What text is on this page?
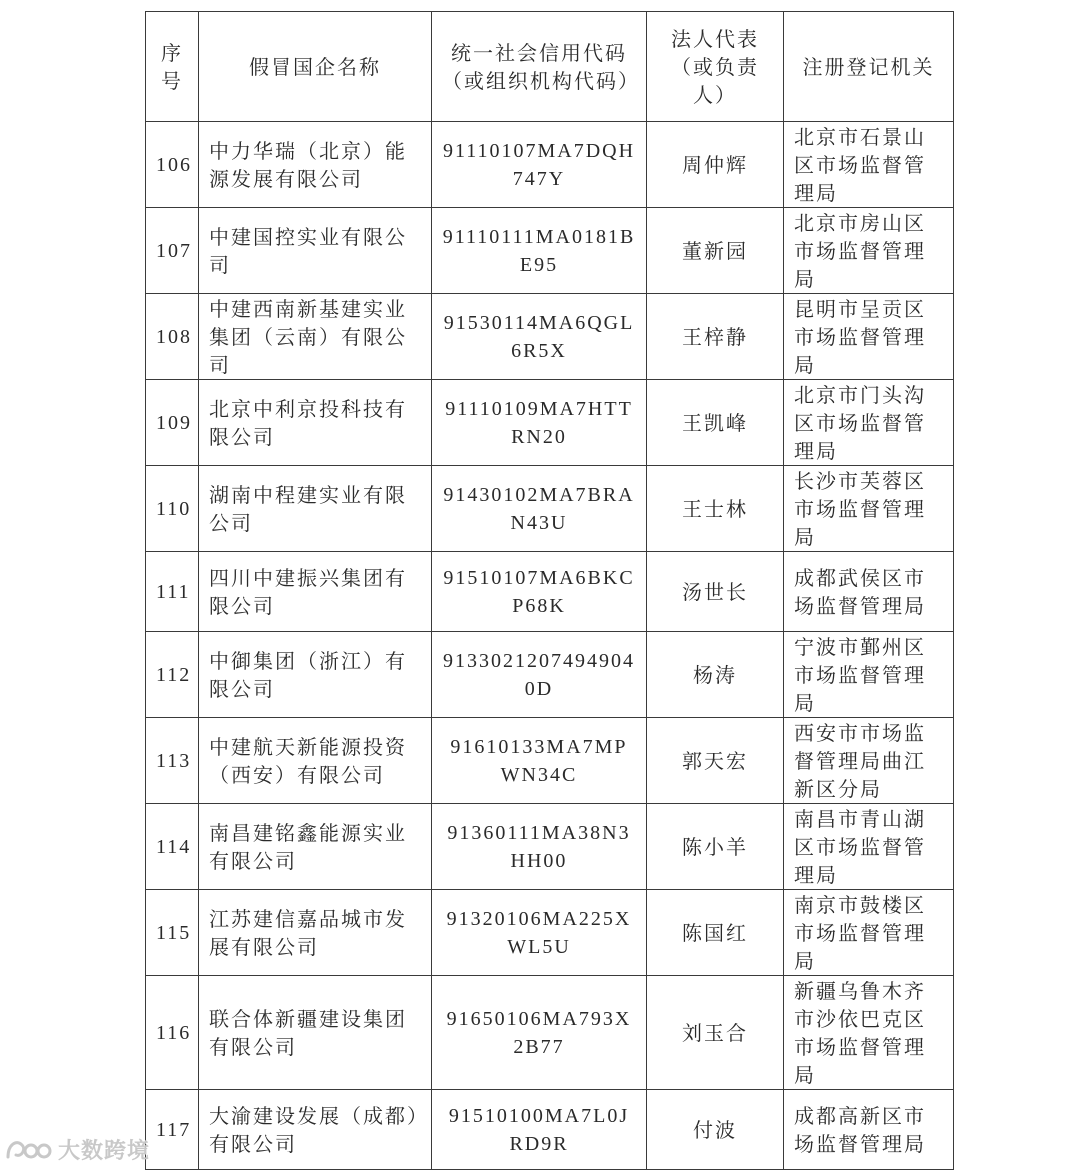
序号	假冒国企名称	统一社会信用代码（或组织机构代码）	法人代表（或负责人）	注册登记机关
106	中力华瑞（北京）能源发展有限公司	91110107MA7DQH747Y	周仲辉	北京市石景山区市场监督管理局
107	中建国控实业有限公司	91110111MA0181BE95	董新园	北京市房山区市场监督管理局
108	中建西南新基建实业集团（云南）有限公司	91530114MA6QGL6R5X	王梓静	昆明市呈贡区市场监督管理局
109	北京中利京投科技有限公司	91110109MA7HTTRN20	王凯峰	北京市门头沟区市场监督管理局
110	湖南中程建实业有限公司	91430102MA7BRAN43U	王士林	长沙市芙蓉区市场监督管理局
111	四川中建振兴集团有限公司	91510107MA6BKCP68K	汤世长	成都武侯区市场监督管理局
112	中御集团（浙江）有限公司	91330212074949040D	杨涛	宁波市鄞州区市场监督管理局
113	中建航天新能源投资（西安）有限公司	91610133MA7MPWN34C	郭天宏	西安市市场监督管理局曲江新区分局
114	南昌建铭鑫能源实业有限公司	91360111MA38N3HH00	陈小羊	南昌市青山湖区市场监督管理局
115	江苏建信嘉品城市发展有限公司	91320106MA225XWL5U	陈国红	南京市鼓楼区市场监督管理局
116	联合体新疆建设集团有限公司	91650106MA793X2B77	刘玉合	新疆乌鲁木齐市沙依巴克区市场监督管理局
117	大渝建设发展（成都）有限公司	91510100MA7L0JRD9R	付波	成都高新区市场监督管理局
大数跨境
